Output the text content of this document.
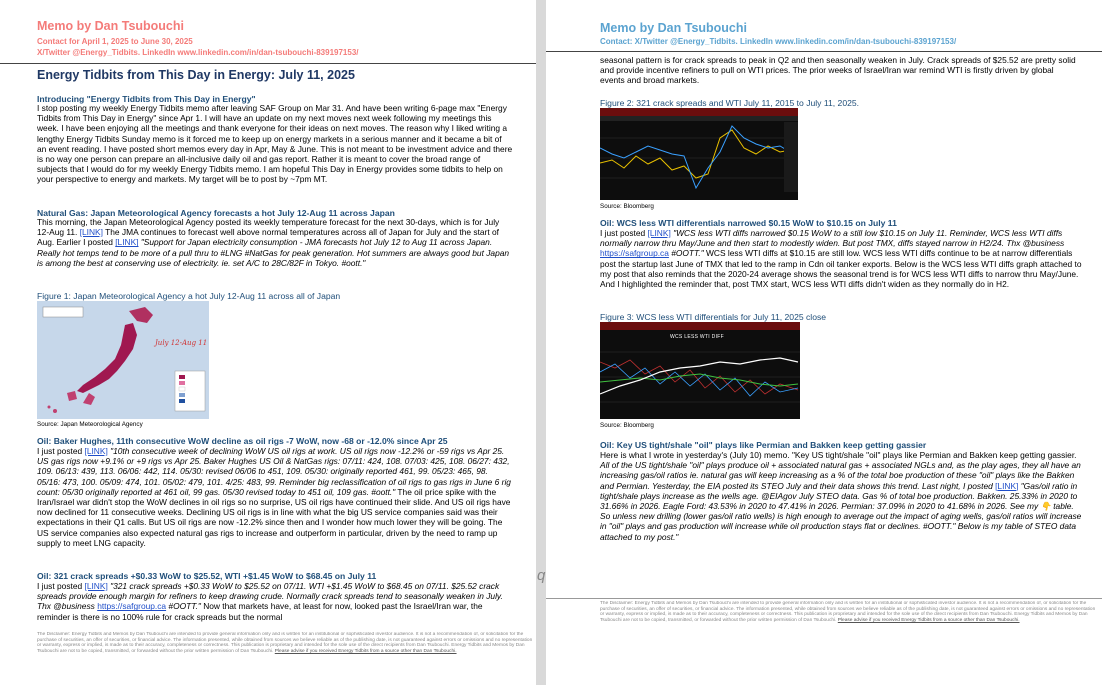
Memo by Dan Tsubouchi
Contact for April 1, 2025 to June 30, 2025
X/Twitter @Energy_Tidbits. LinkedIn www.linkedin.com/in/dan-tsubouchi-839197153/
Energy Tidbits from This Day in Energy: July 11, 2025
Introducing "Energy Tidbits from This Day in Energy"
I stop posting my weekly Energy Tidbits memo after leaving SAF Group on Mar 31. And have been writing 6-page max "Energy Tidbits from This Day in Energy" since Apr 1. I will have an update on my next moves next week following my meetings this week. I have been enjoying all the meetings and thank everyone for their ideas on next moves. The reason why I liked writing a lengthy Energy Tidbits Sunday memo is it forced me to keep up on energy markets in a serious manner and it became a bit of an event reading. I have posted short memos every day in Apr, May & June. This is not meant to be investment advice and there is no way one person can prepare an all-inclusive daily oil and gas report. Rather it is meant to cover the broad range of subjects that I would do for my weekly Energy Tidbits memo. I am hopeful This Day in Energy provides some tidbits to help on your perspective to energy and markets. My target will be to post by ~7pm MT.
Natural Gas: Japan Meteorological Agency forecasts a hot July 12-Aug 11 across Japan
This morning, the Japan Meteorological Agency posted its weekly temperature forecast for the next 30-days, which is for July 12-Aug 11. [LINK] The JMA continues to forecast well above normal temperatures across all of Japan for July and the start of Aug. Earlier I posted [LINK] "Support for Japan electricity consumption - JMA forecasts hot July 12 to Aug 11 across Japan. Really hot temps tend to be more of a pull thru to #LNG #NatGas for peak generation. Hot summers are always good but Japan is among the best at conserving use of electricity. ie. set A/C to 28C/82F in Tokyo. #oott."
Figure 1: Japan Meteorological Agency a hot July 12-Aug 11 across all of Japan
July 12-Aug 11
Source: Japan Meteorological Agency
Oil: Baker Hughes, 11th consecutive WoW decline as oil rigs -7 WoW, now -68 or -12.0% since Apr 25
I just posted [LINK] "10th consecutive week of declining WoW US oil rigs at work. US oil rigs now -12.2% or -59 rigs vs Apr 25. US gas rigs now +9.1% or +9 rigs vs Apr 25. Baker Hughes US Oil & NatGas rigs: 07/11: 424, 108. 07/03: 425, 108. 06/27: 432, 109. 06/13: 439, 113. 06/06: 442, 114. 05/30: revised 06/06 to 451, 109. 05/30: originally reported 461, 99. 05/23: 465, 98. 05/16: 473, 100. 05/09: 474, 101. 05/02: 479, 101. 4/25: 483, 99. Reminder big reclassification of oil rigs to gas rigs in June 6 rig count: 05/30 originally reported at 461 oil, 99 gas. 05/30 revised today to 451 oil, 109 gas. #oott." The oil price spike with the Iran/Israel war didn't stop the WoW declines in oil rigs so no surprise, US oil rigs have continued their slide. And US oil rigs have now declined for 11 consecutive weeks. Declining US oil rigs is in line with what the big US service companies said was their expectations in their Q1 calls. But US oil rigs are now -12.2% since then and I wonder how much lower they will be going. The US service companies also expected natural gas rigs to increase and outperform in particular, driven by the need to ramp up supply to meet LNG capacity.
Oil: 321 crack spreads +$0.33 WoW to $25.52, WTI +$1.45 WoW to $68.45 on July 11
I just posted [LINK] "321 crack spreads +$0.33 WoW to $25.52 on 07/11. WTI +$1.45 WoW to $68.45 on 07/11. $25.52 crack spreads provide enough margin for refiners to keep drawing crude. Normally crack spreads tend to seasonally weaken in July. Thx @business https://safgroup.ca #OOTT." Now that markets have, at least for now, looked past the Israel/Iran war, the reminder is there is no 100% rule for crack spreads but the normal
The Disclaimer: Energy Tidbits and Memos by Dan Tsubouchi are intended to provide general information only and is written for an institutional or sophisticated investor audience. It is not a recommendation of, or solicitation for the purchase of securities, an offer of securities, or financial advice. The information presented, while obtained from sources we believe reliable as of the publishing date, is not guaranteed against errors or omissions and no representation or warranty, express or implied, is made as to their accuracy, completeness or correctness. This publication is proprietary and intended for the sole use of the direct recipients from Dan Tsubouchi. Energy Tidbits and Memos by Dan Tsubouchi are not to be copied, transmitted, or forwarded without the prior written permission of Dan Tsubouchi. Please advise if you received Energy Tidbits from a source other than Dan Tsubouchi.
q
Memo by Dan Tsubouchi
Contact: X/Twitter @Energy_Tidbits. LinkedIn www.linkedin.com/in/dan-tsubouchi-839197153/
seasonal pattern is for crack spreads to peak in Q2 and then seasonally weaken in July. Crack spreads of $25.52 are pretty solid and provide incentive refiners to pull on WTI prices. The prior weeks of Israel/Iran war remind WTI is firstly driven by global events and broad markets.
Figure 2: 321 crack spreads and WTI July 11, 2015 to July 11, 2025.
Source: Bloomberg
Oil: WCS less WTI differentials narrowed $0.15 WoW to $10.15 on July 11
I just posted [LINK] "WCS less WTI diffs narrowed $0.15 WoW to a still low $10.15 on July 11. Reminder, WCS less WTI diffs normally narrow thru May/June and then start to modestly widen. But post TMX, diffs stayed narrow in H2/24. Thx @business https://safgroup.ca #OOTT." WCS less WTI diffs at $10.15 are still low. WCS less WTI diffs continue to be at narrow differentials post the startup last June of TMX that led to the ramp in Cdn oil tanker exports. Below is the WCS less WTI diffs graph attached to my post that also reminds that the 2020-24 average shows the seasonal trend is for WCS less WTI diffs to narrow thru May/June. And I highlighted the reminder that, post TMX start, WCS less WTI diffs didn't widen as they normally do in H2.
Figure 3: WCS less WTI differentials for July 11, 2025 close
WCS LESS WTI DIFF
Source: Bloomberg
Oil: Key US tight/shale "oil" plays like Permian and Bakken keep getting gassier
Here is what I wrote in yesterday's (July 10) memo. "Key US tight/shale "oil" plays like Permian and Bakken keep getting gassier. All of the US tight/shale "oil" plays produce oil + associated natural gas + associated NGLs and, as the play ages, they all have an increasing gas/oil ratios ie. natural gas will keep increasing as a % of the total boe production of these "oil" plays like the Bakken and Permian. Yesterday, the EIA posted its STEO July and their data shows this trend. Last night, I posted [LINK] "Gas/oil ratio in tight/shale plays increase as the wells age. @EIAgov July STEO data. Gas % of total boe production. Bakken. 25.33% in 2020 to 31.66% in 2026. Eagle Ford: 43.53% in 2020 to 47.41% in 2026. Permian: 37.09% in 2020 to 41.68% in 2026. See my 👇 table. So unless new drilling (lower gas/oil ratio wells) is high enough to average out the impact of aging wells, gas/oil ratios will increase in "oil" plays and gas production will increase while oil production stays flat or declines. #OOTT." Below is my table of STEO data attached to my post."
The Disclaimer: Energy Tidbits and Memos by Dan Tsubouchi are intended to provide general information only and is written for an institutional or sophisticated investor audience. It is not a recommendation of, or solicitation for the purchase of securities, an offer of securities, or financial advice. The information presented, while obtained from sources we believe reliable as of the publishing date, is not guaranteed against errors or omissions and no representation or warranty, express or implied, is made as to their accuracy, completeness or correctness. This publication is proprietary and intended for the sole use of the direct recipients from Dan Tsubouchi. Energy Tidbits and Memos by Dan Tsubouchi are not to be copied, transmitted, or forwarded without the prior written permission of Dan Tsubouchi. Please advise if you received Energy Tidbits from a source other than Dan Tsubouchi.
